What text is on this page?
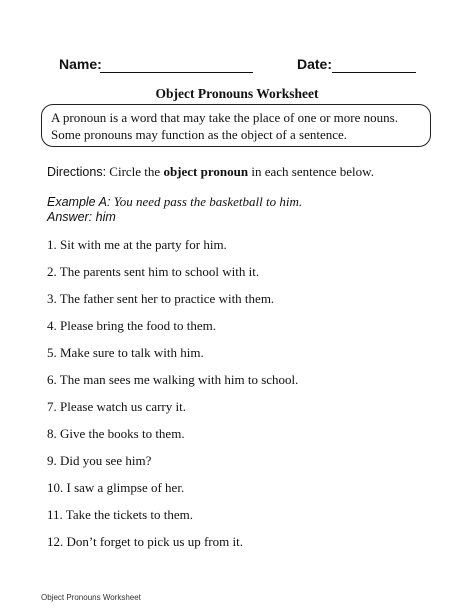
Name:	Date:
Object Pronouns Worksheet
A pronoun is a word that may take the place of one or more nouns.
Some pronouns may function as the object of a sentence.
Directions: Circle the object pronoun in each sentence below.
Example A: You need pass the basketball to him.
Answer: him
1. Sit with me at the party for him.
2. The parents sent him to school with it.
3. The father sent her to practice with them.
4. Please bring the food to them.
5. Make sure to talk with him.
6. The man sees me walking with him to school.
7. Please watch us carry it.
8. Give the books to them.
9. Did you see him?
10. I saw a glimpse of her.
11. Take the tickets to them.
12. Don’t forget to pick us up from it.
Object Pronouns Worksheet
